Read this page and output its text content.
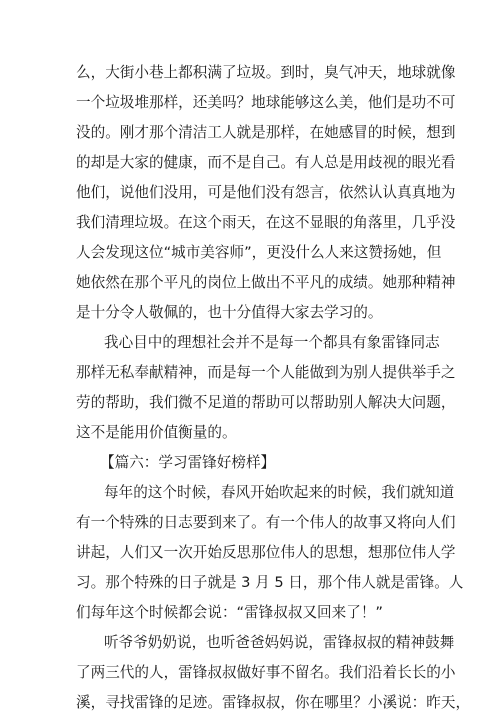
么，大街小巷上都积满了垃圾。到时，臭气冲天，地球就像
一个垃圾堆那样，还美吗？地球能够这么美，他们是功不可
没的。刚才那个清洁工人就是那样，在她感冒的时候，想到
的却是大家的健康，而不是自己。有人总是用歧视的眼光看
他们，说他们没用，可是他们没有怨言，依然认认真真地为
我们清理垃圾。在这个雨天，在这不显眼的角落里，几乎没
人会发现这位“城市美容师”，更没什么人来这赞扬她，但
她依然在那个平凡的岗位上做出不平凡的成绩。她那种精神
是十分令人敬佩的，也十分值得大家去学习的。
我心目中的理想社会并不是每一个都具有象雷锋同志
那样无私奉献精神，而是每一个人能做到为别人提供举手之
劳的帮助，我们微不足道的帮助可以帮助别人解决大问题，
这不是能用价值衡量的。
【篇六：学习雷锋好榜样】
每年的这个时候，春风开始吹起来的时候，我们就知道
有一个特殊的日志要到来了。有一个伟人的故事又将向人们
讲起，人们又一次开始反思那位伟人的思想，想那位伟人学
习。那个特殊的日子就是 3 月 5 日，那个伟人就是雷锋。人
们每年这个时候都会说：“雷锋叔叔又回来了！”
听爷爷奶奶说，也听爸爸妈妈说，雷锋叔叔的精神鼓舞
了两三代的人，雷锋叔叔做好事不留名。我们沿着长长的小
溪，寻找雷锋的足迹。雷锋叔叔，你在哪里？小溪说：昨天，
